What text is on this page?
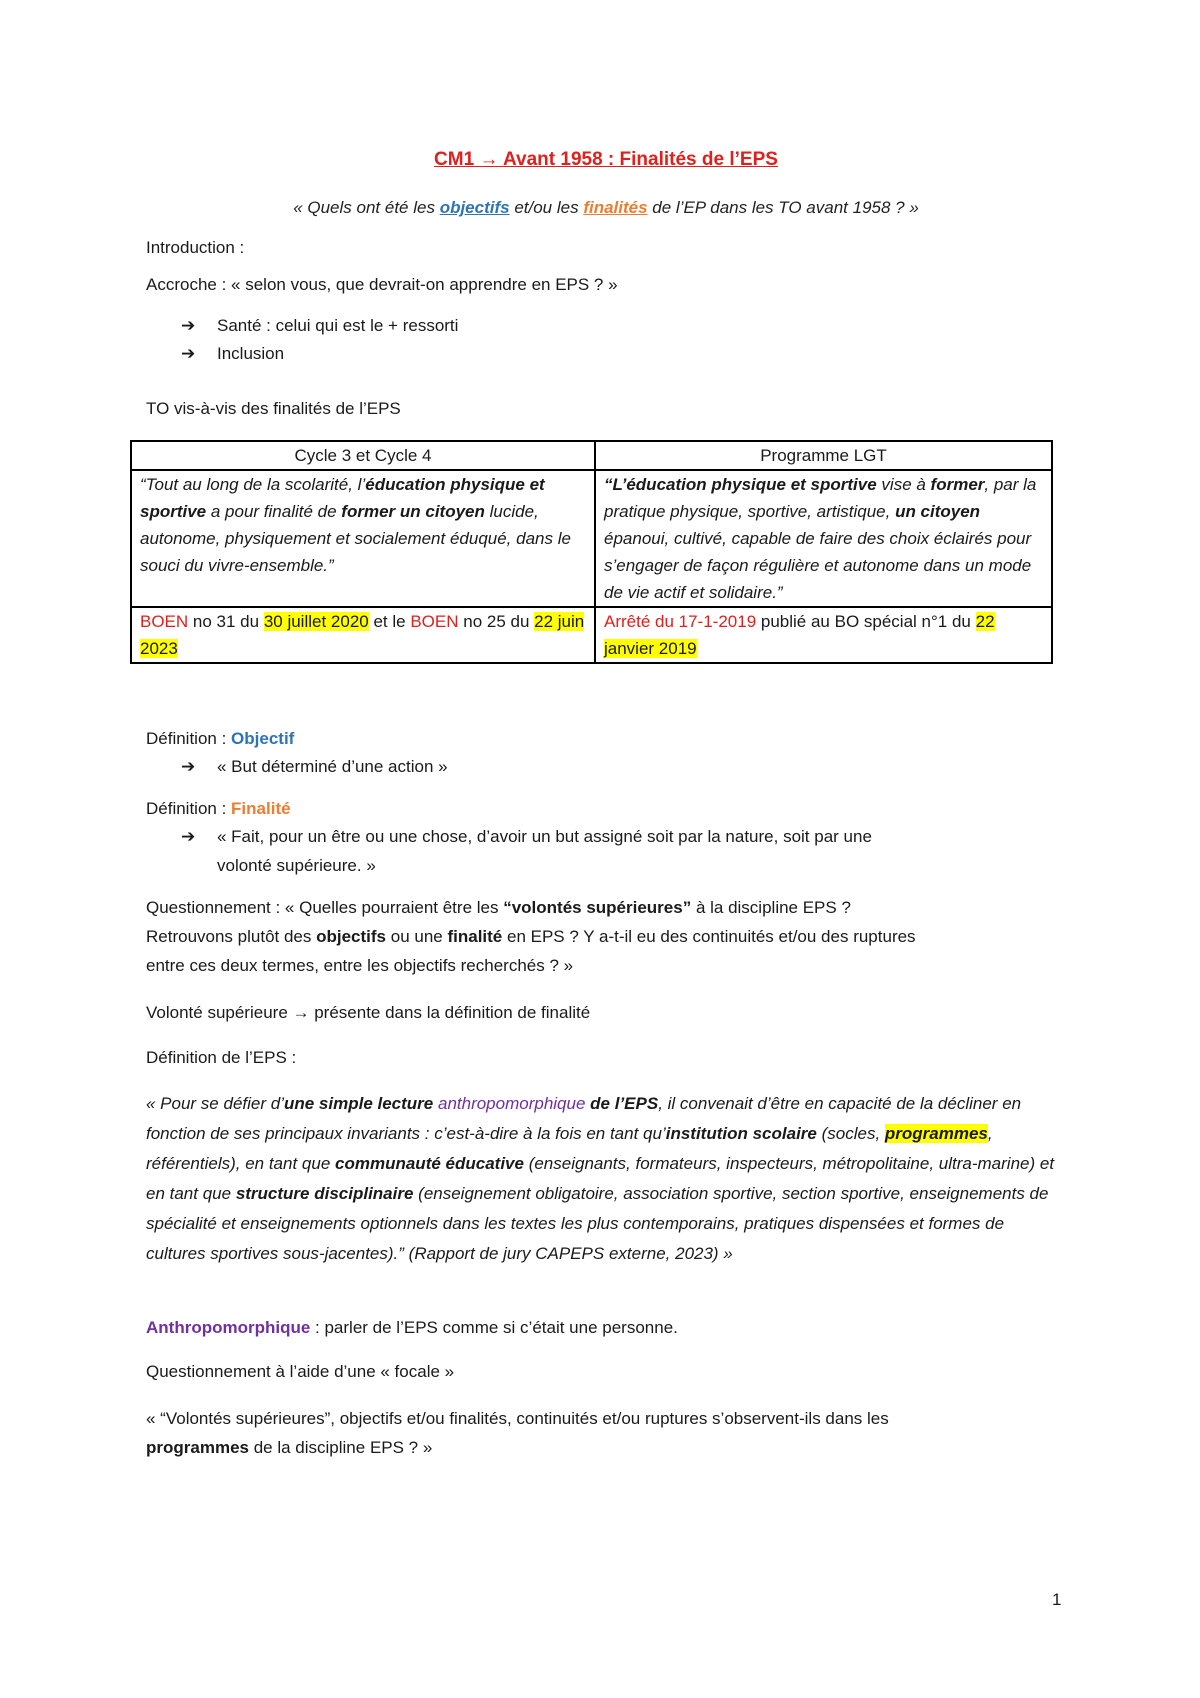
CM1 → Avant 1958 : Finalités de l’EPS
« Quels ont été les objectifs et/ou les finalités de l’EP dans les TO avant 1958 ? »
Introduction :
Accroche : « selon vous, que devrait-on apprendre en EPS ? »
➔ Santé : celui qui est le + ressorti
➔ Inclusion
TO vis-à-vis des finalités de l’EPS
Cycle 3 et Cycle 4	Programme LGT
“Tout au long de la scolarité, l’éducation physique et sportive a pour finalité de former un citoyen lucide, autonome, physiquement et socialement éduqué, dans le souci du vivre-ensemble.”	“L’éducation physique et sportive vise à former, par la pratique physique, sportive, artistique, un citoyen épanoui, cultivé, capable de faire des choix éclairés pour s’engager de façon régulière et autonome dans un mode de vie actif et solidaire.”
BOEN no 31 du 30 juillet 2020 et le BOEN no 25 du 22 juin 2023	Arrêté du 17-1-2019 publié au BO spécial n°1 du 22 janvier 2019
Définition : Objectif
➔ « But déterminé d’une action »
Définition : Finalité
➔ « Fait, pour un être ou une chose, d’avoir un but assigné soit par la nature, soit par une
volonté supérieure. »
Questionnement : « Quelles pourraient être les “volontés supérieures” à la discipline EPS ?
Retrouvons plutôt des objectifs ou une finalité en EPS ? Y a-t-il eu des continuités et/ou des ruptures
entre ces deux termes, entre les objectifs recherchés ? »
Volonté supérieure → présente dans la définition de finalité
Définition de l’EPS :
« Pour se défier d’une simple lecture anthropomorphique de l’EPS, il convenait d’être en capacité de la décliner en fonction de ses principaux invariants : c’est-à-dire à la fois en tant qu’institution scolaire (socles, programmes, référentiels), en tant que communauté éducative (enseignants, formateurs, inspecteurs, métropolitaine, ultra-marine) et en tant que structure disciplinaire (enseignement obligatoire, association sportive, section sportive, enseignements de spécialité et enseignements optionnels dans les textes les plus contemporains, pratiques dispensées et formes de cultures sportives sous-jacentes).” (Rapport de jury CAPEPS externe, 2023) »
Anthropomorphique : parler de l’EPS comme si c’était une personne.
Questionnement à l’aide d’une « focale »
« “Volontés supérieures”, objectifs et/ou finalités, continuités et/ou ruptures s’observent-ils dans les
programmes de la discipline EPS ? »
1
